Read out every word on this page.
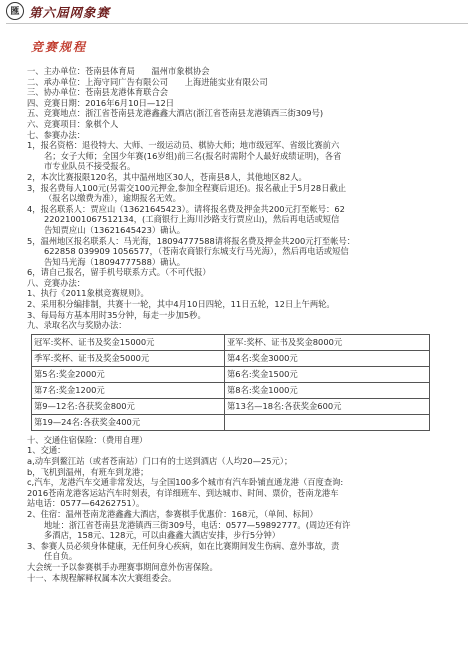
匯 第六屆网象赛
竞赛规程
一、主办单位：苍南县体育局　　温州市象棋协会
二、承办单位：上海守同广告有限公司　　上海进能实业有限公司
三、协办单位：苍南县龙港体育联合会
四、竞赛日期：2016年6月10日—12日
五、竞赛地点：浙江省苍南县龙港鑫鑫大酒店(浙江省苍南县龙港镇西三街309号)
六、竞赛项目：象棋个人
七、参赛办法：
1，报名资格：退役特大、大师、一级运动员、棋协大师；地市级冠军、省级比赛前六
名；女子大师；全国少年赛(16岁组)前三名(报名时需附个人最好成绩证明)，各省
市专业队员不接受报名。
2，本次比赛报限120名，其中温州地区30人，苍南县8人，其他地区82人。
3，报名费每人100元(另需交100元押金,参加全程赛后退还)。报名截止于5月28日截止
（报名以缴费为准），逾期报名无效。
4，报名联系人：贾应山（13621645423）。请将报名费及押金共200元打至帐号：62
22021001067512134，(工商银行上海川沙路支行贾应山)，然后再电话或短信
告知贾应山（13621645423）确认。
5，温州地区报名联系人：马光海，18094777588请将报名费及押金共200元打至帐号：
622858 039909 1056577，（苍南农商银行东城支行马光海），然后再电话或短信
告知马光海（18094777588）确认。
6，请自己报名，留手机号联系方式。（不可代报）
八、竞赛办法：
1、执行《2011象棋竞赛规则》。
2、采用积分编排制，共赛十一轮，其中4月10日四轮，11日五轮，12日上午两轮。
3、每局每方基本用时35分钟，每走一步加5秒。
九、录取名次与奖励办法：
冠军:奖杯、证书及奖金15000元	亚军:奖杯、证书及奖金8000元
季军:奖杯、证书及奖金5000元	第4名:奖金3000元
第5名:奖金2000元	第6名:奖金1500元
第7名:奖金1200元	第8名:奖金1000元
第9—12名:各获奖金800元	第13名—18名:各获奖金600元
第19—24名:各获奖金400元	
十、交通住宿保险：（费用自理）
1、交通：
a,动车到鳌江站（或者苍南站）门口有的士送到酒店（人均20—25元）；
b，飞机到温州，有班车到龙港；
c,汽车，龙港汽车交通非常发达，与全国100多个城市有汽车卧铺直通龙港（百度查询:
2016苍南龙港客运站汽车时刻表，有详细班车、到达城市、时间、票价，苍南龙港车
站电话：0577—64262751）。
2、住宿：温州苍南龙港鑫鑫大酒店，参赛棋手优惠价：168元，（单间、标间）
地址：浙江省苍南县龙港镇西三街309号，电话：0577—59892777。(周边还有许
多酒店，158元、128元，可以由鑫鑫大酒店安排，步行5分钟）
3、参赛人员必须身体健康，无任何身心疾病，如在比赛期间发生伤病、意外事故，责
任自负。
大会统一予以参赛棋手办理赛事期间意外伤害保险。
十一、本规程解释权属本次大赛组委会。
